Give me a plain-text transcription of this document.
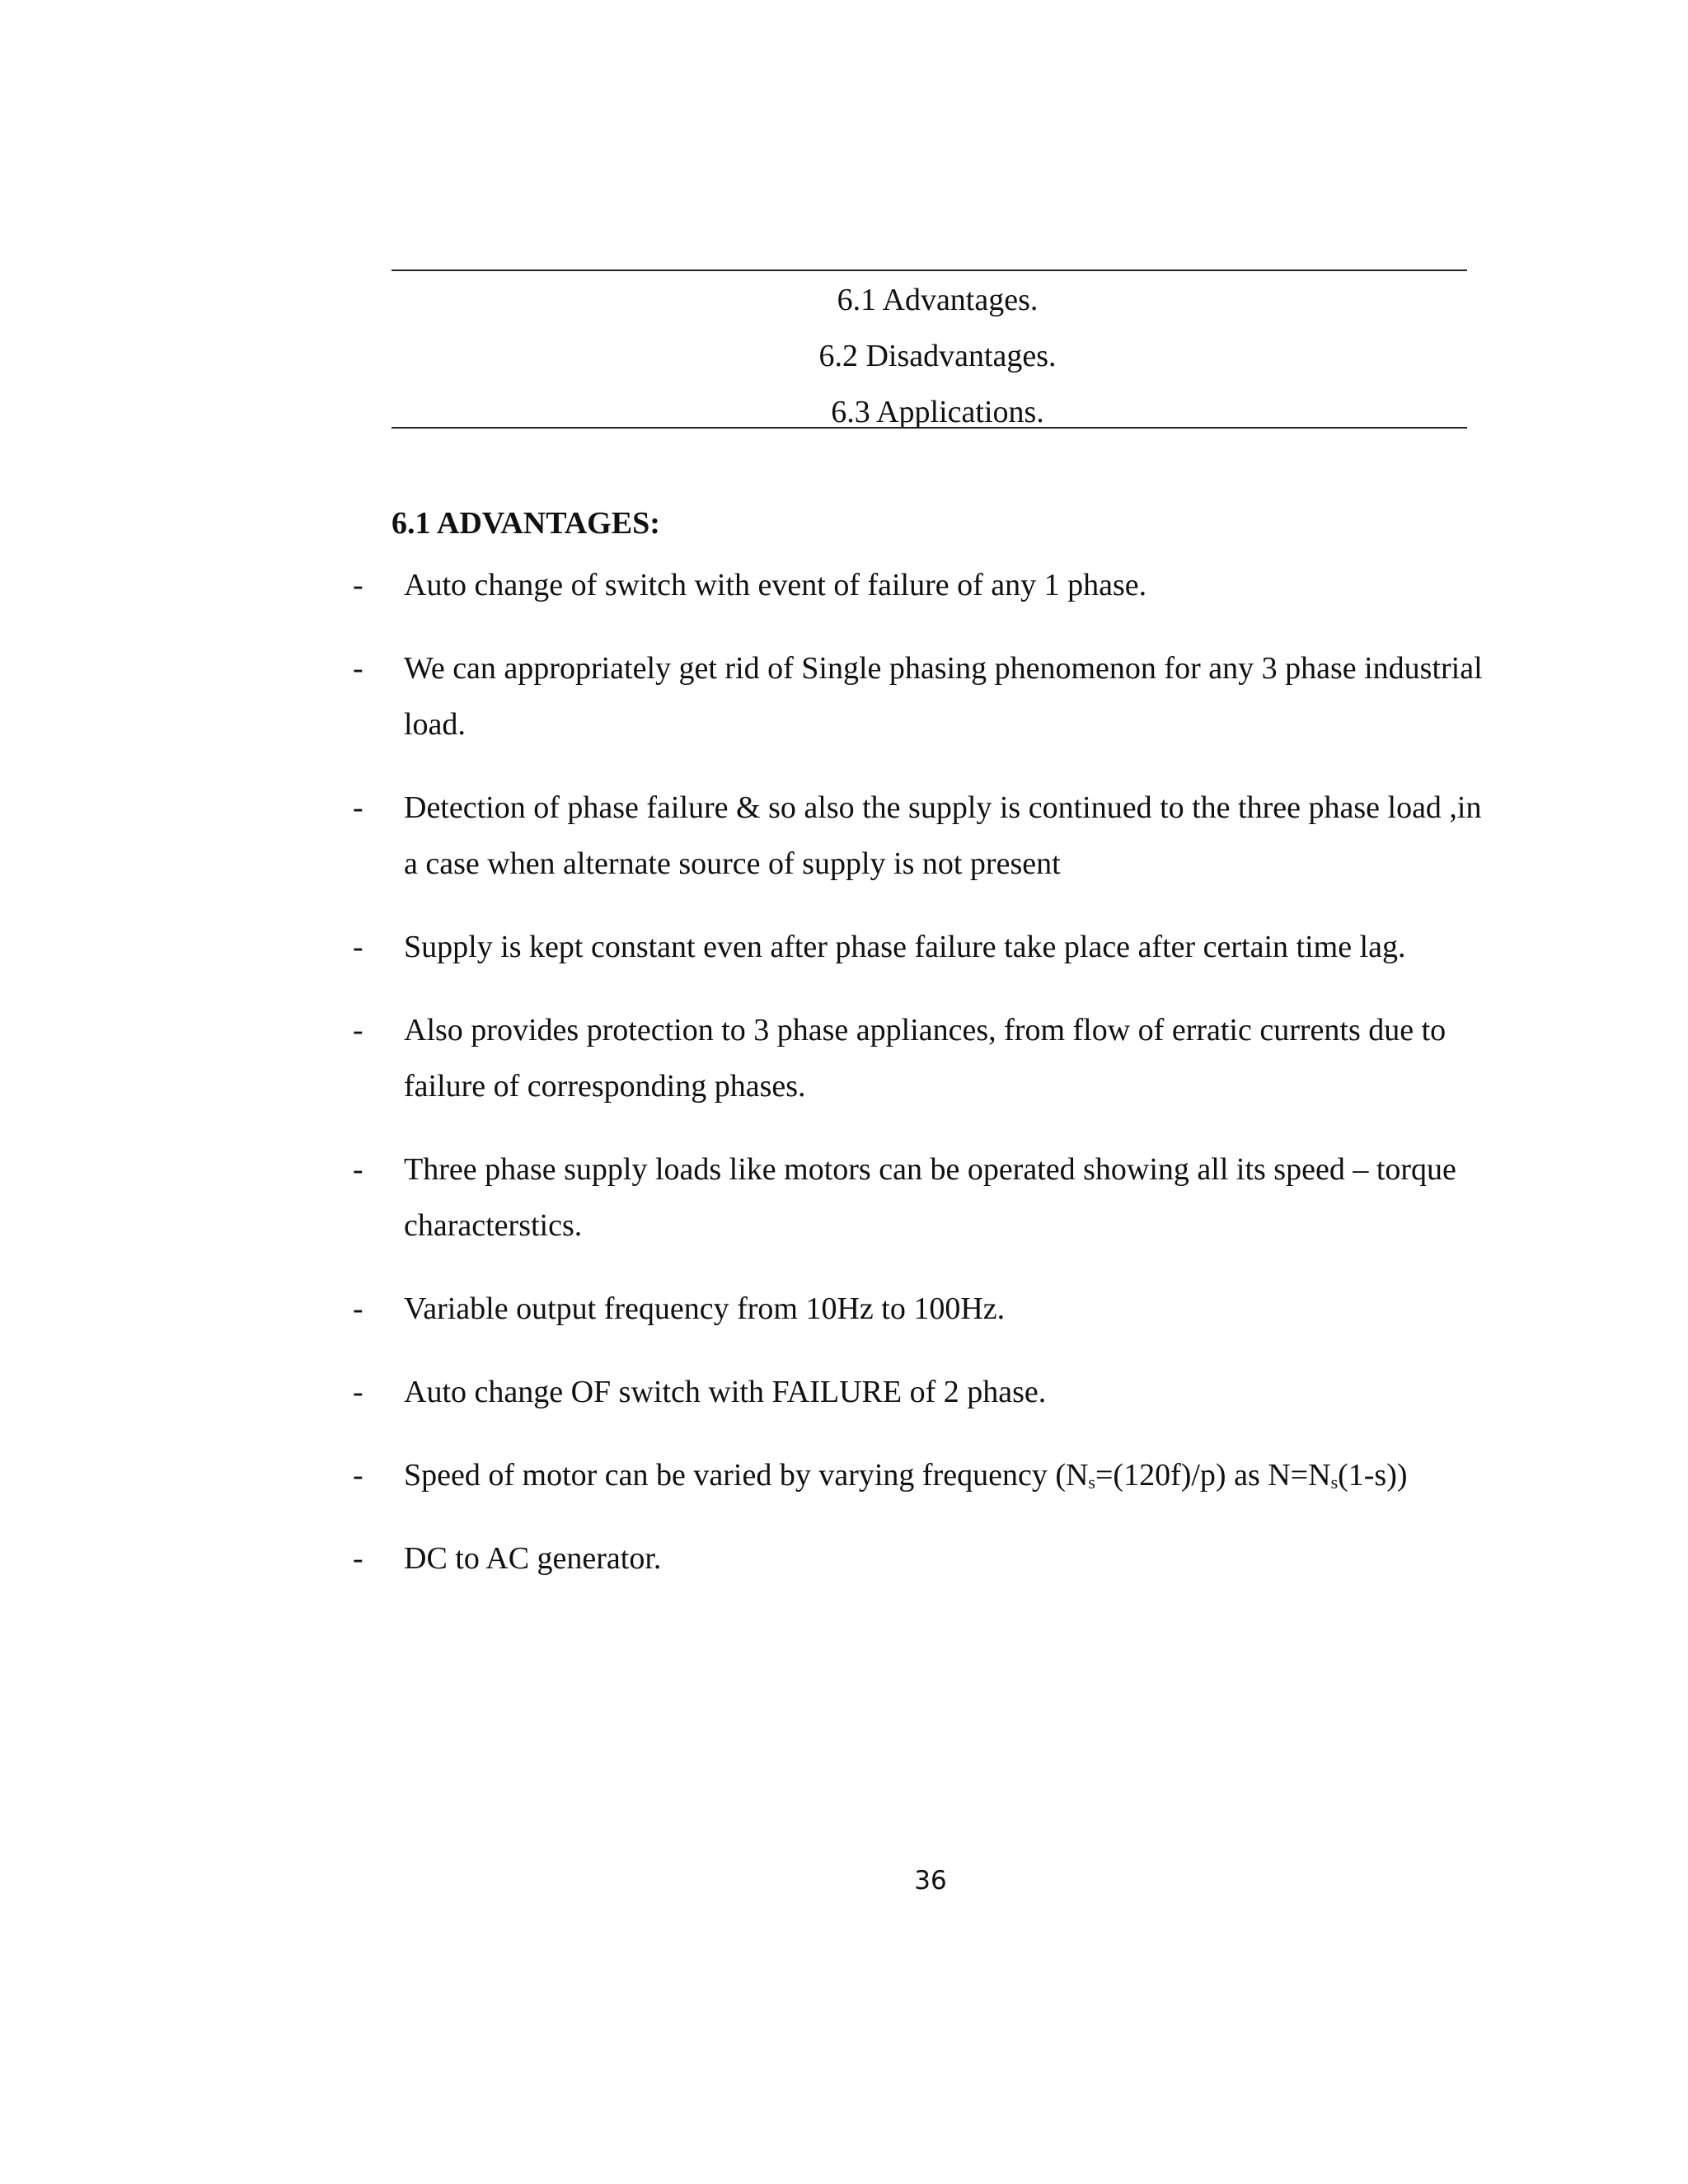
6.1 Advantages.
6.2 Disadvantages.
6.3 Applications.
6.1 ADVANTAGES:
- Auto change of switch with event of failure of any 1 phase.
- We can appropriately get rid of Single phasing phenomenon for any 3 phase industrial load.
- Detection of phase failure & so also the supply is continued to the three phase load ,in a case when alternate source of supply is not present
- Supply is kept constant even after phase failure take place after certain time lag.
- Also provides protection to 3 phase appliances, from flow of erratic currents due to failure of corresponding phases.
- Three phase supply loads like motors can be operated showing all its speed – torque characterstics.
- Variable output frequency from 10Hz to 100Hz.
- Auto change OF switch with FAILURE of 2 phase.
- Speed of motor can be varied by varying frequency (Ns=(120f)/p) as N=Ns(1-s))
- DC to AC generator.
36
